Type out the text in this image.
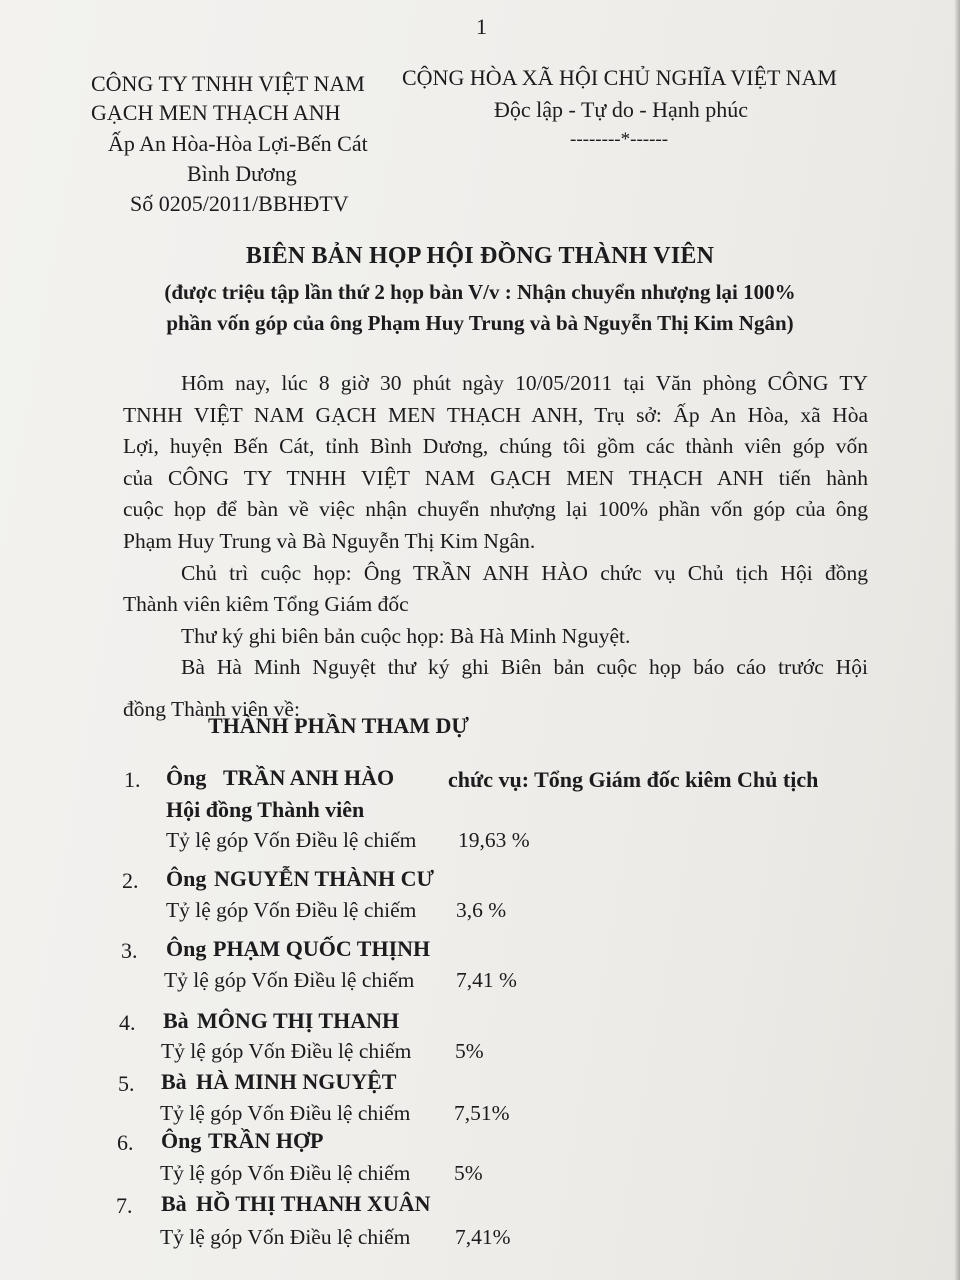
1
CÔNG TY TNHH VIỆT NAM
GẠCH MEN THẠCH ANH
Ấp An Hòa-Hòa Lợi-Bến Cát
Bình Dương
Số 0205/2011/BBHĐTV
CỘNG HÒA XÃ HỘI CHỦ NGHĨA VIỆT NAM
Độc lập - Tự do - Hạnh phúc
--------*------
BIÊN BẢN HỌP HỘI ĐỒNG THÀNH VIÊN
(được triệu tập lần thứ 2 họp bàn V/v : Nhận chuyển nhượng lại 100%
phần vốn góp của ông Phạm Huy Trung và bà Nguyễn Thị Kim Ngân)
Hôm nay, lúc 8 giờ 30 phút ngày 10/05/2011 tại Văn phòng CÔNG TY
TNHH VIỆT NAM GẠCH MEN THẠCH ANH, Trụ sở: Ấp An Hòa, xã Hòa
Lợi, huyện Bến Cát, tỉnh Bình Dương, chúng tôi gồm các thành viên góp vốn
của CÔNG TY TNHH VIỆT NAM GẠCH MEN THẠCH ANH tiến hành
cuộc họp để bàn về việc nhận chuyển nhượng lại 100% phần vốn góp của ông
Phạm Huy Trung và Bà Nguyễn Thị Kim Ngân.
Chủ trì cuộc họp: Ông TRẦN ANH HÀO chức vụ Chủ tịch Hội đồng
Thành viên kiêm Tổng Giám đốc
Thư ký ghi biên bản cuộc họp: Bà Hà Minh Nguyệt.
Bà Hà Minh Nguyệt thư ký ghi Biên bản cuộc họp báo cáo trước Hội
đồng Thành viên về:
THÀNH PHẦN THAM DỰ
1. Ông TRẦN ANH HÀO chức vụ: Tổng Giám đốc kiêm Chủ tịch
Hội đồng Thành viên
Tỷ lệ góp Vốn Điều lệ chiếm 19,63 %
2. Ông NGUYỄN THÀNH CƯ
Tỷ lệ góp Vốn Điều lệ chiếm 3,6 %
3. Ông PHẠM QUỐC THỊNH
Tỷ lệ góp Vốn Điều lệ chiếm 7,41 %
4. Bà MÔNG THỊ THANH
Tỷ lệ góp Vốn Điều lệ chiếm 5%
5. Bà HÀ MINH NGUYỆT
Tỷ lệ góp Vốn Điều lệ chiếm 7,51%
6. Ông TRẦN HỢP
Tỷ lệ góp Vốn Điều lệ chiếm 5%
7. Bà HỒ THỊ THANH XUÂN
Tỷ lệ góp Vốn Điều lệ chiếm 7,41%
